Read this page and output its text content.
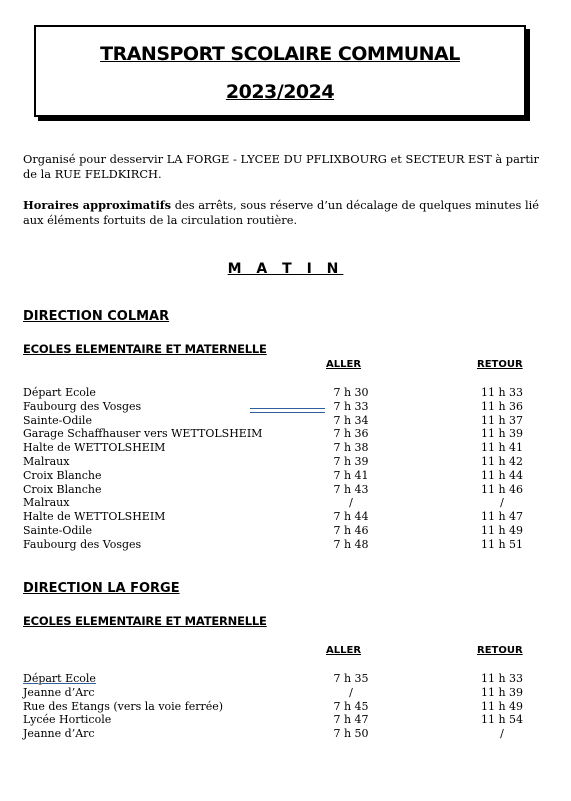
TRANSPORT SCOLAIRE COMMUNAL
2023/2024
Organisé pour desservir LA FORGE - LYCEE DU PFLIXBOURG et SECTEUR EST à partir de la RUE FELDKIRCH.
Horaires approximatifs des arrêts, sous réserve d’un décalage de quelques minutes lié aux éléments fortuits de la circulation routière.
M A T I N
DIRECTION COLMAR
ECOLES ELEMENTAIRE ET MATERNELLE
ALLER	RETOUR
Départ Ecole	7 h 30	11 h 33
Faubourg des Vosges	7 h 33	11 h 36
Sainte-Odile	7 h 34	11 h 37
Garage Schaffhauser vers WETTOLSHEIM	7 h 36	11 h 39
Halte de WETTOLSHEIM	7 h 38	11 h 41
Malraux	7 h 39	11 h 42
Croix Blanche	7 h 41	11 h 44
Croix Blanche	7 h 43	11 h 46
Malraux	/	/
Halte de WETTOLSHEIM	7 h 44	11 h 47
Sainte-Odile	7 h 46	11 h 49
Faubourg des Vosges	7 h 48	11 h 51
DIRECTION LA FORGE
ECOLES ELEMENTAIRE ET MATERNELLE
ALLER	RETOUR
Départ Ecole	7 h 35	11 h 33
Jeanne d’Arc	/	11 h 39
Rue des Etangs (vers la voie ferrée)	7 h 45	11 h 49
Lycée Horticole	7 h 47	11 h 54
Jeanne d’Arc	7 h 50	/
